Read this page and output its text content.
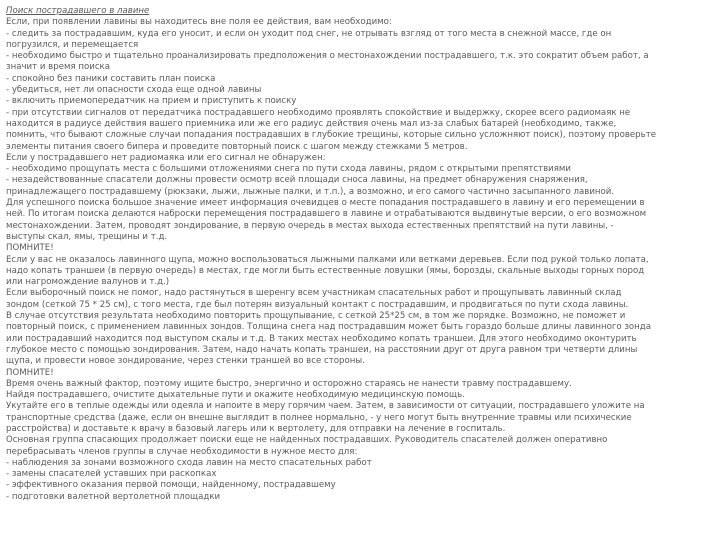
Поиск пострадавшего в лавине

Если, при появлении лавины вы находитесь вне поля ее действия, вам необходимо:

- следить за пострадавшим, куда его уносит, и если он уходит под снег, не отрывать взгляд от того места в снежной массе, где он

погрузился, и перемещается

- необходимо быстро и тщательно проанализировать предположения о местонахождении пострадавшего, т.к. это сократит объем работ, а

значит и время поиска

- спокойно без паники составить план поиска

- убедиться, нет ли опасности схода еще одной лавины

- включить приемопередатчик на прием и приступить к поиску

- при отсутствии сигналов от передатчика пострадавшего необходимо проявлять спокойствие и выдержку, скорее всего радиомаяк не

находится в радиусе действия вашего приемника или же его радиус действия очень мал из-за слабых батарей (необходимо, также,

помнить, что бывают сложные случаи попадания пострадавших в глубокие трещины, которые сильно усложняют поиск), поэтому проверьте

элементы питания своего бипера и проведите повторный поиск с шагом между стежками 5 метров.

Если у пострадавшего нет радиомаяка или его сигнал не обнаружен:

- необходимо прощупать места с большими отложениями снега по пути схода лавины, рядом с открытыми препятствиями

- незадействованные спасатели должны провести осмотр всей площади сноса лавины, на предмет обнаружения снаряжения,

принадлежащего пострадавшему (рюкзаки, лыжи, лыжные палки, и т.п.), а возможно, и его самого частично засыпанного лавиной.

Для успешного поиска большое значение имеет информация очевидцев о месте попадания пострадавшего в лавину и его перемещении в

ней. По итогам поиска делаются наброски перемещения пострадавшего в лавине и отрабатываются выдвинутые версии, о его возможном

местонахождении. Затем, проводят зондирование, в первую очередь в местах выхода естественных препятствий на пути лавины, -

выступы скал, ямы, трещины и т.д.

ПОМНИТЕ!

Если у вас не оказалось лавинного щупа, можно воспользоваться лыжными палками или ветками деревьев. Если под рукой только лопата,

надо копать траншеи (в первую очередь) в местах, где могли быть естественные ловушки (ямы, борозды, скальные выходы горных пород

или нагромождение валунов и т.д.)

Если выборочный поиск не помог, надо растянуться в шеренгу всем участникам спасательных работ и прощупывать лавинный склад

зондом (сеткой 75 * 25 см), с того места, где был потерян визуальный контакт с пострадавшим, и продвигаться по пути схода лавины.

В случае отсутствия результата необходимо повторить прощупывание, с сеткой 25*25 см, в том же порядке. Возможно, не поможет и

повторный поиск, с применением лавинных зондов. Толщина снега над пострадавшим может быть гораздо больше длины лавинного зонда

или пострадавший находится под выступом скалы и т.д. В таких местах необходимо копать траншеи. Для этого необходимо оконтурить

глубокое место с помощью зондирования. Затем, надо начать копать траншеи, на расстоянии друг от друга равном три четверти длины

щупа, и провести новое зондирование, через стенки траншей во все стороны.

ПОМНИТЕ!

Время очень важный фактор, поэтому ищите быстро, энергично и осторожно стараясь не нанести травму пострадавшему.

Найдя пострадавшего, очистите дыхательные пути и окажите необходимую медицинскую помощь.

Укутайте его в теплые одежды или одеяла и напоите в меру горячим чаем. Затем, в зависимости от ситуации, пострадавшего уложите на

транспортные средства (даже, если он внешне выглядит в полнее нормально, - у него могут быть внутренние травмы или психические

расстройства) и доставьте к врачу в базовый лагерь или к вертолету, для отправки на лечение в госпиталь.

Основная группа спасающих продолжает поиски еще не найденных пострадавших. Руководитель спасателей должен оперативно

перебрасывать членов группы в случае необходимости в нужное место для:

- наблюдения за зонами возможного схода лавин на место спасательных работ

- замены спасателей уставших при раскопках

- эффективного оказания первой помощи, найденному, пострадавшему

- подготовки валетной вертолетной площадки
